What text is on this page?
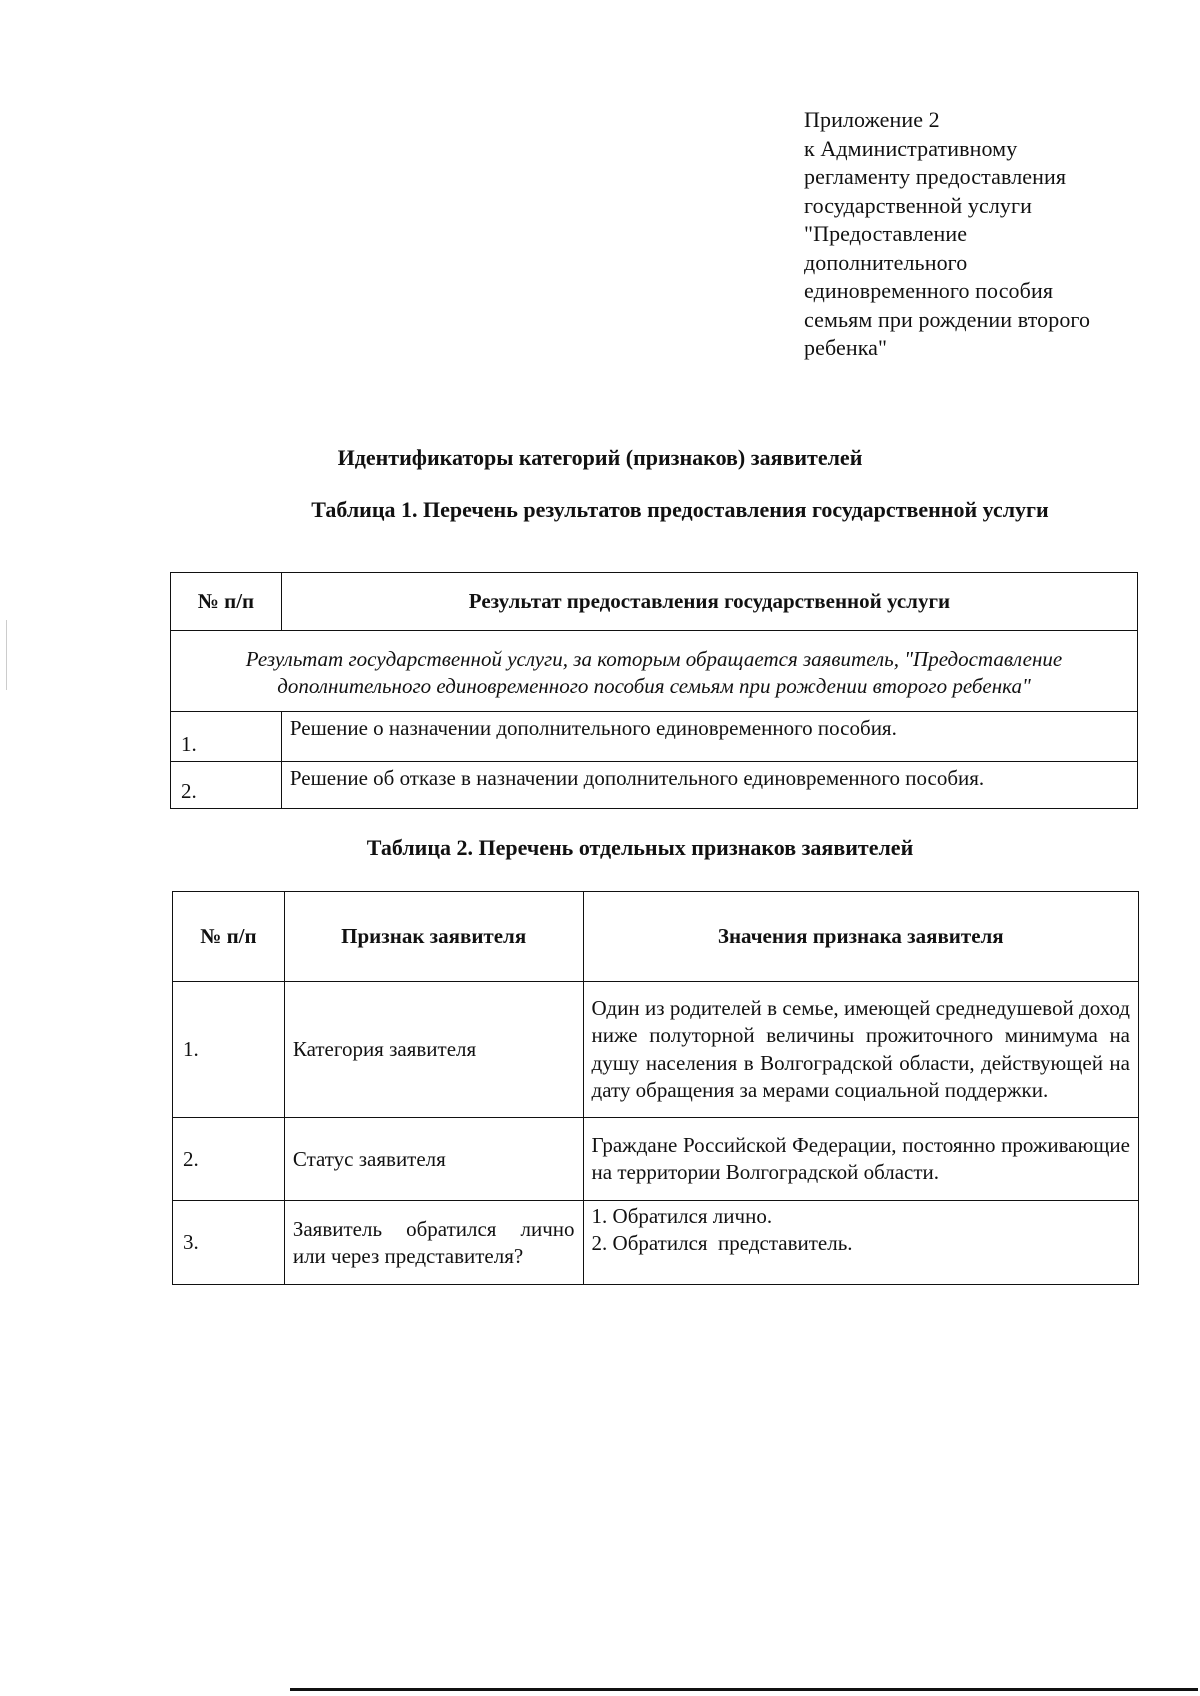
Приложение 2
к Административному
регламенту предоставления
государственной услуги
"Предоставление
дополнительного
единовременного пособия
семьям при рождении второго
ребенка"
Идентификаторы категорий (признаков) заявителей
Таблица 1. Перечень результатов предоставления государственной услуги
№ п/п	Результат предоставления государственной услуги
Результат государственной услуги, за которым обращается заявитель, "Предоставление дополнительного единовременного пособия семьям при рождении второго ребенка"	
1.	Решение о назначении дополнительного единовременного пособия.
2.	Решение об отказе в назначении дополнительного единовременного пособия.
Таблица 2. Перечень отдельных признаков заявителей
№ п/п	Признак заявителя	Значения признака заявителя
1.	Категория заявителя	Один из родителей в семье, имеющей среднедушевой доход ниже полуторной величины прожиточного минимума на душу населения в Волгоградской области, действующей на дату обращения за мерами социальной поддержки.
2.	Статус заявителя	Граждане Российской Федерации, постоянно проживающие на территории Волгоградской области.
3.	Заявитель обратился лично или через представителя?	1. Обратился лично.
2. Обратился  представитель.
